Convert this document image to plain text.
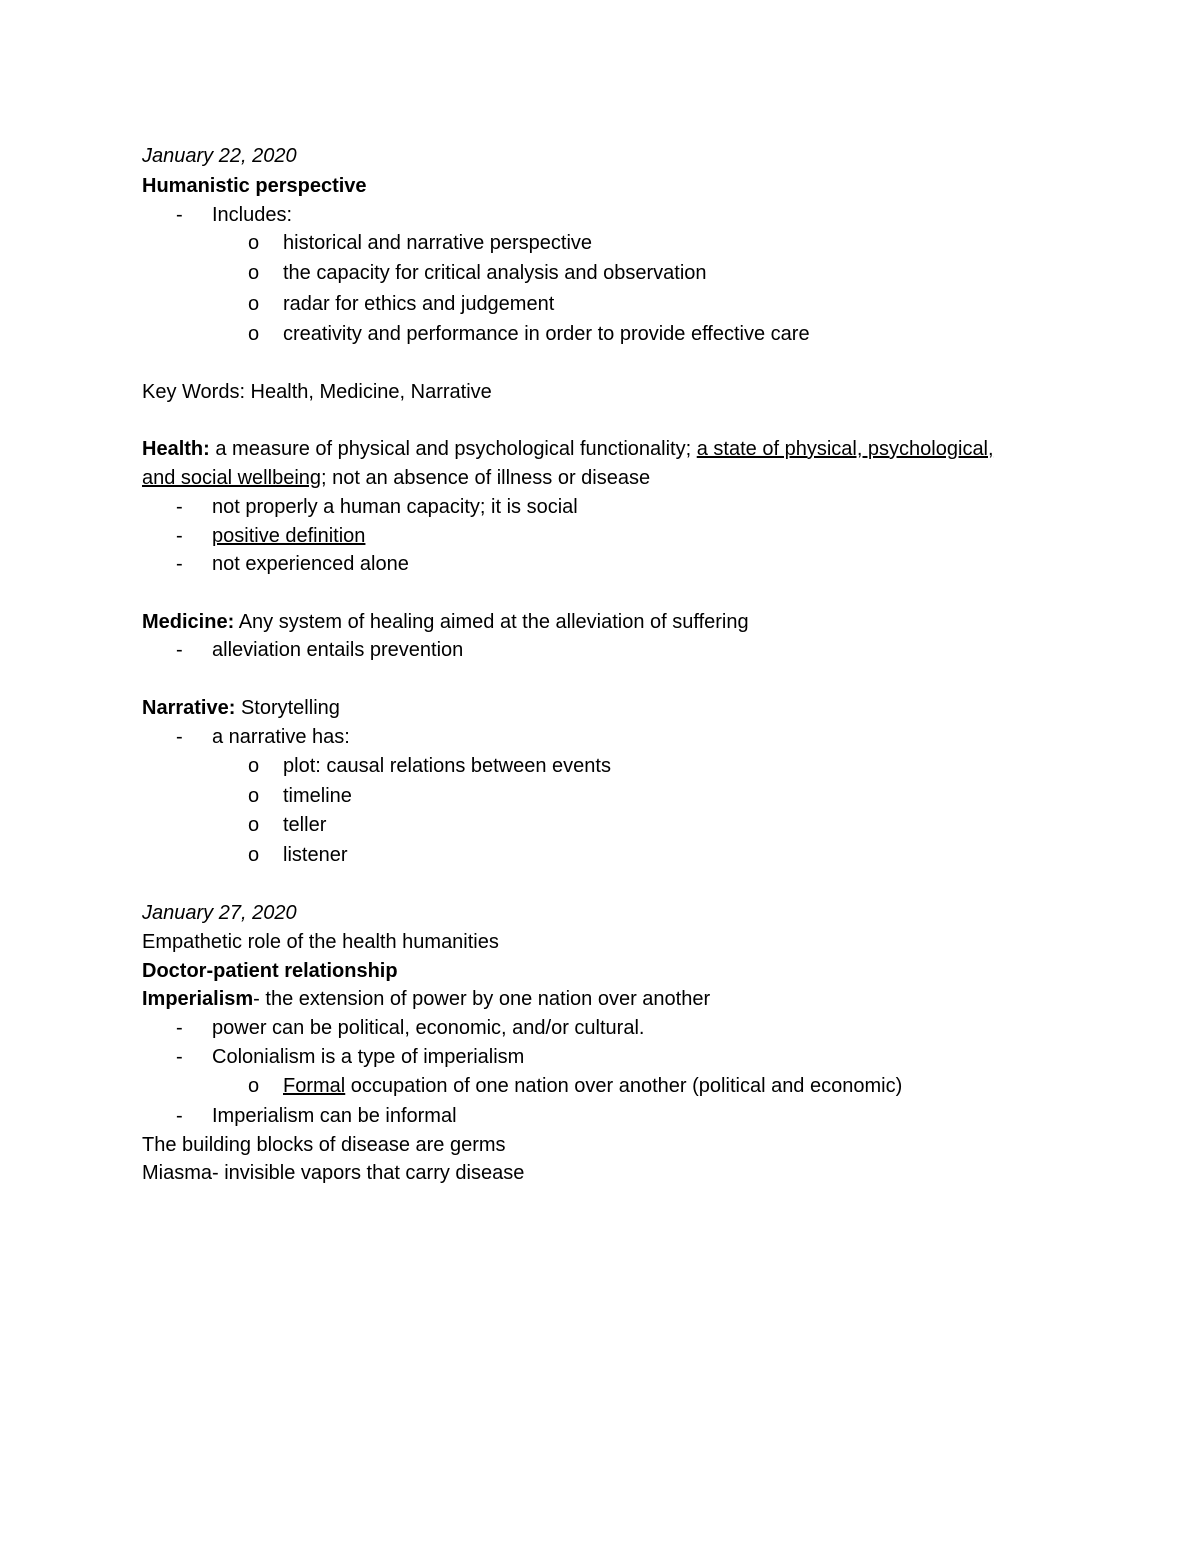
January 22, 2020
Humanistic perspective
- Includes:
o historical and narrative perspective
o the capacity for critical analysis and observation
o radar for ethics and judgement
o creativity and performance in order to provide effective care
Key Words: Health, Medicine, Narrative
Health: a measure of physical and psychological functionality; a state of physical, psychological,
and social wellbeing; not an absence of illness or disease
- not properly a human capacity; it is social
- positive definition
- not experienced alone
Medicine: Any system of healing aimed at the alleviation of suffering
- alleviation entails prevention
Narrative: Storytelling
- a narrative has:
o plot: causal relations between events
o timeline
o teller
o listener
January 27, 2020
Empathetic role of the health humanities
Doctor-patient relationship
Imperialism- the extension of power by one nation over another
- power can be political, economic, and/or cultural.
- Colonialism is a type of imperialism
o Formal occupation of one nation over another (political and economic)
- Imperialism can be informal
The building blocks of disease are germs
Miasma- invisible vapors that carry disease
